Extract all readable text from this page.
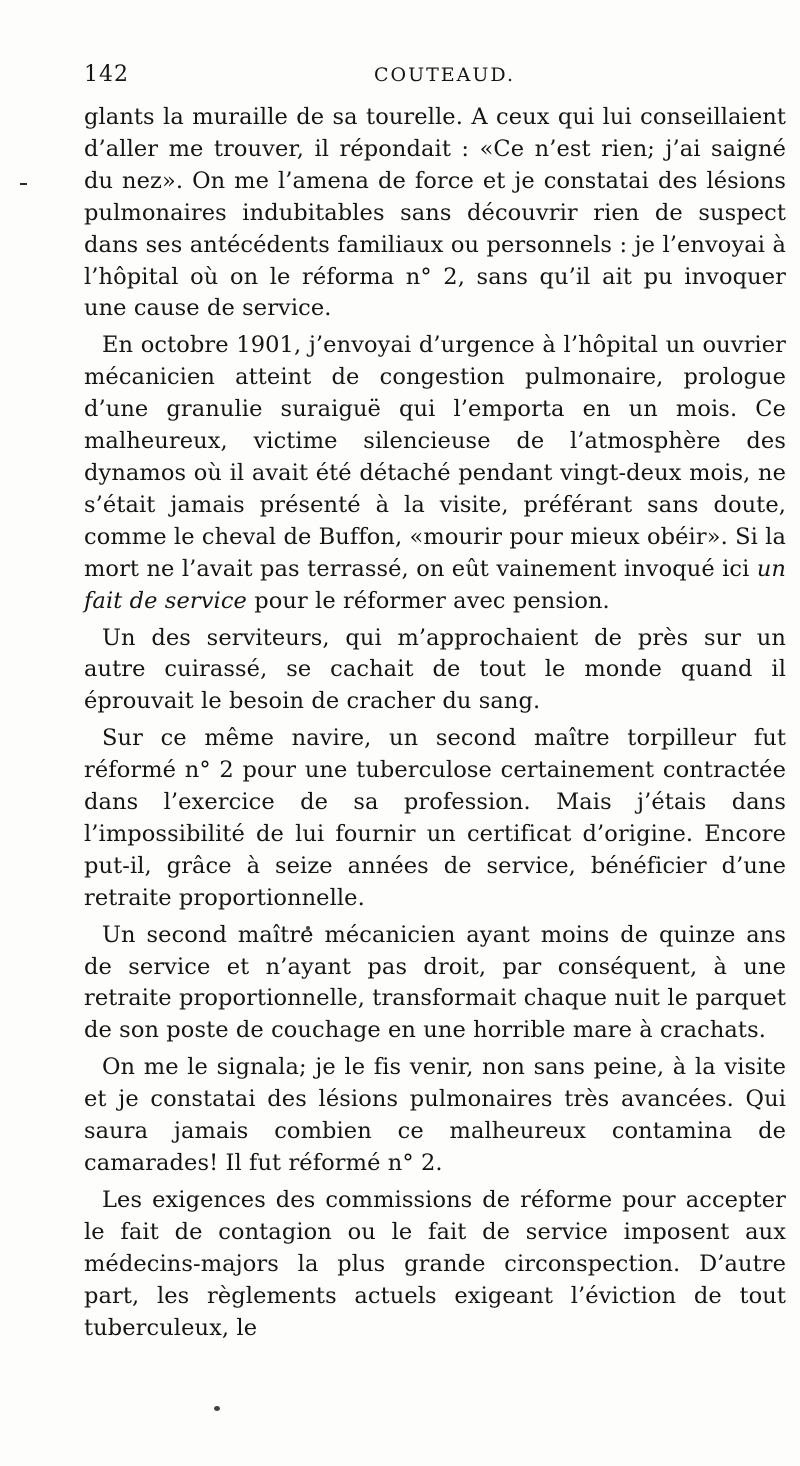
142	COUTEAUD.

glants la muraille de sa tourelle. A ceux qui lui conseillaient d’aller me trouver, il répondait : «Ce n’est rien; j’ai saigné du nez». On me l’amena de force et je constatai des lésions pulmonaires indubitables sans découvrir rien de suspect dans ses antécédents familiaux ou personnels : je l’envoyai à l’hôpital où on le réforma n° 2, sans qu’il ait pu invoquer une cause de service.

En octobre 1901, j’envoyai d’urgence à l’hôpital un ouvrier mécanicien atteint de congestion pulmonaire, prologue d’une granulie suraiguë qui l’emporta en un mois. Ce malheureux, victime silencieuse de l’atmosphère des dynamos où il avait été détaché pendant vingt-deux mois, ne s’était jamais présenté à la visite, préférant sans doute, comme le cheval de Buffon, «mourir pour mieux obéir». Si la mort ne l’avait pas terrassé, on eût vainement invoqué ici un fait de service pour le réformer avec pension.

Un des serviteurs, qui m’approchaient de près sur un autre cuirassé, se cachait de tout le monde quand il éprouvait le besoin de cracher du sang.

Sur ce même navire, un second maître torpilleur fut réformé n° 2 pour une tuberculose certainement contractée dans l’exercice de sa profession. Mais j’étais dans l’impossibilité de lui fournir un certificat d’origine. Encore put-il, grâce à seize années de service, bénéficier d’une retraite proportionnelle.

Un second maître mécanicien ayant moins de quinze ans de service et n’ayant pas droit, par conséquent, à une retraite proportionnelle, transformait chaque nuit le parquet de son poste de couchage en une horrible mare à crachats.

On me le signala; je le fis venir, non sans peine, à la visite et je constatai des lésions pulmonaires très avancées. Qui saura jamais combien ce malheureux contamina de camarades! Il fut réformé n° 2.

Les exigences des commissions de réforme pour accepter le fait de contagion ou le fait de service imposent aux médecins-majors la plus grande circonspection. D’autre part, les règlements actuels exigeant l’éviction de tout tuberculeux, le
